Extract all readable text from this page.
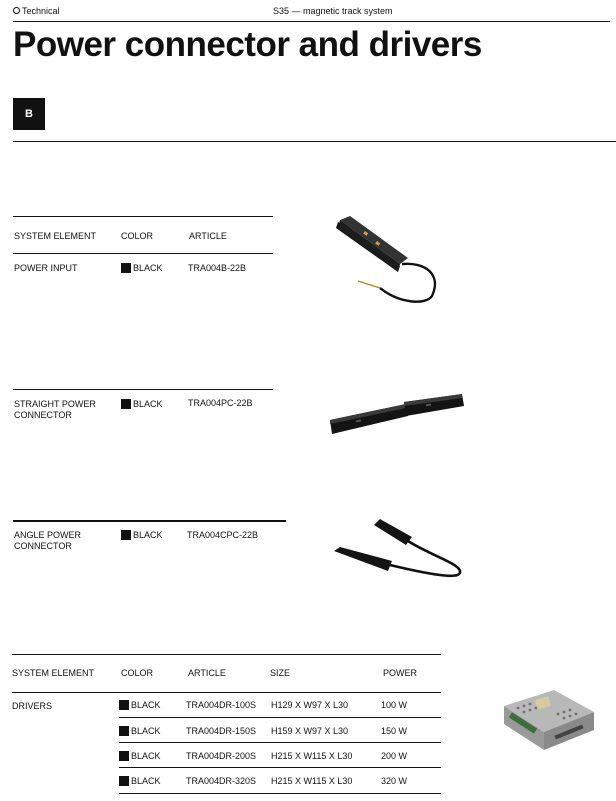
Technical	S35 — magnetic track system
Power connector and drivers
B
SYSTEM ELEMENT	COLOR	ARTICLE
POWER INPUT	BLACK	TRA004B-22B
STRAIGHT POWER
CONNECTOR
BLACK	TRA004PC-22B
ANGLE POWER
CONNECTOR
BLACK	TRA004CPC-22B
SYSTEM ELEMENT	COLOR	ARTICLE	SIZE	POWER
DRIVERS	BLACK	TRA004DR-100S H129 X W97 X L30	100 W
BLACK	TRA004DR-150S H159 X W97 X L30	150 W
BLACK	TRA004DR-200S H215 X W115 X L30	200 W
BLACK	TRA004DR-320S H215 X W115 X L30	320 W
